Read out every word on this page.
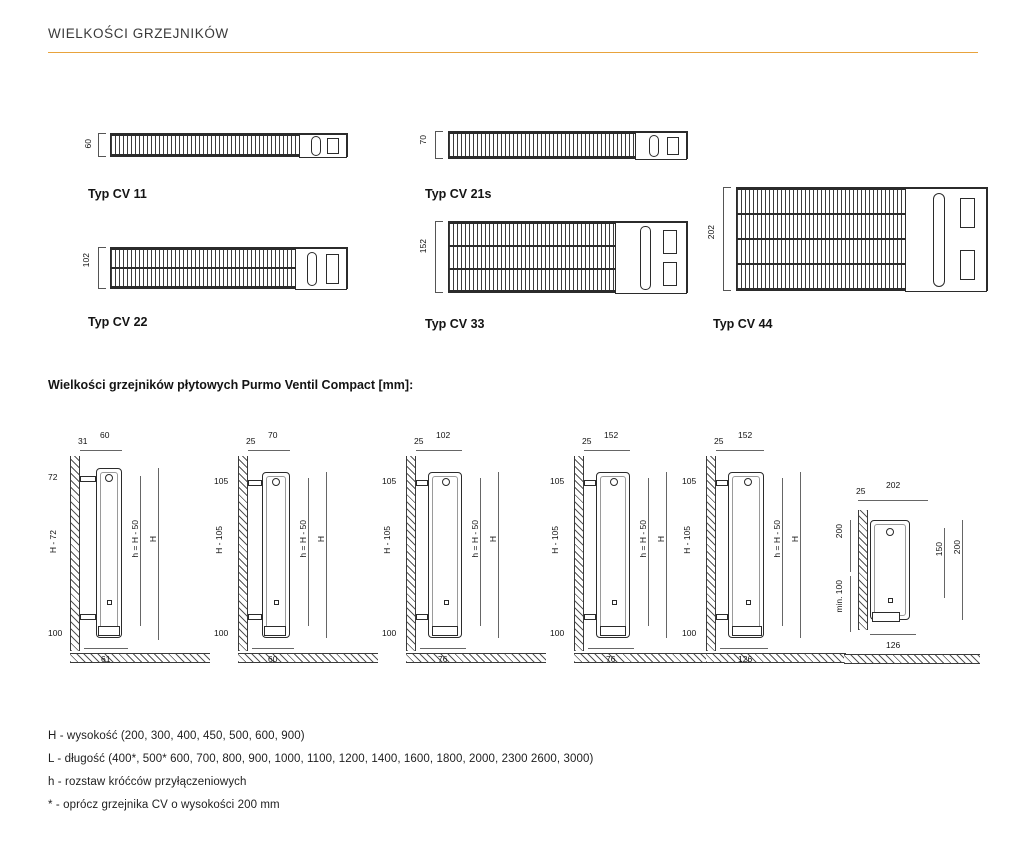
WIELKOŚCI GRZEJNIKÓW
60
Typ CV 11
70
Typ CV 21s
102
Typ CV 22
152
Typ CV 33
202
Typ CV 44
Wielkości grzejników płytowych Purmo Ventil Compact [mm]:
31
60
72
H - 72
100
h = H - 50 H
61
25
70
105
H - 105
100
h = H - 50 H
60
25
102
105
H - 105
100
h = H - 50 H
76
25
152
105
H - 105
100
h = H - 50 H
76
25
152
105
H - 105
100
h = H - 50 H
126
25
202
200
min. 100
150 200
126
H - wysokość (200, 300, 400, 450, 500, 600, 900)
L - długość (400*, 500* 600, 700, 800, 900, 1000, 1100, 1200, 1400, 1600, 1800, 2000, 2300 2600, 3000)
h - rozstaw króćców przyłączeniowych
* - oprócz grzejnika CV o wysokości 200 mm
